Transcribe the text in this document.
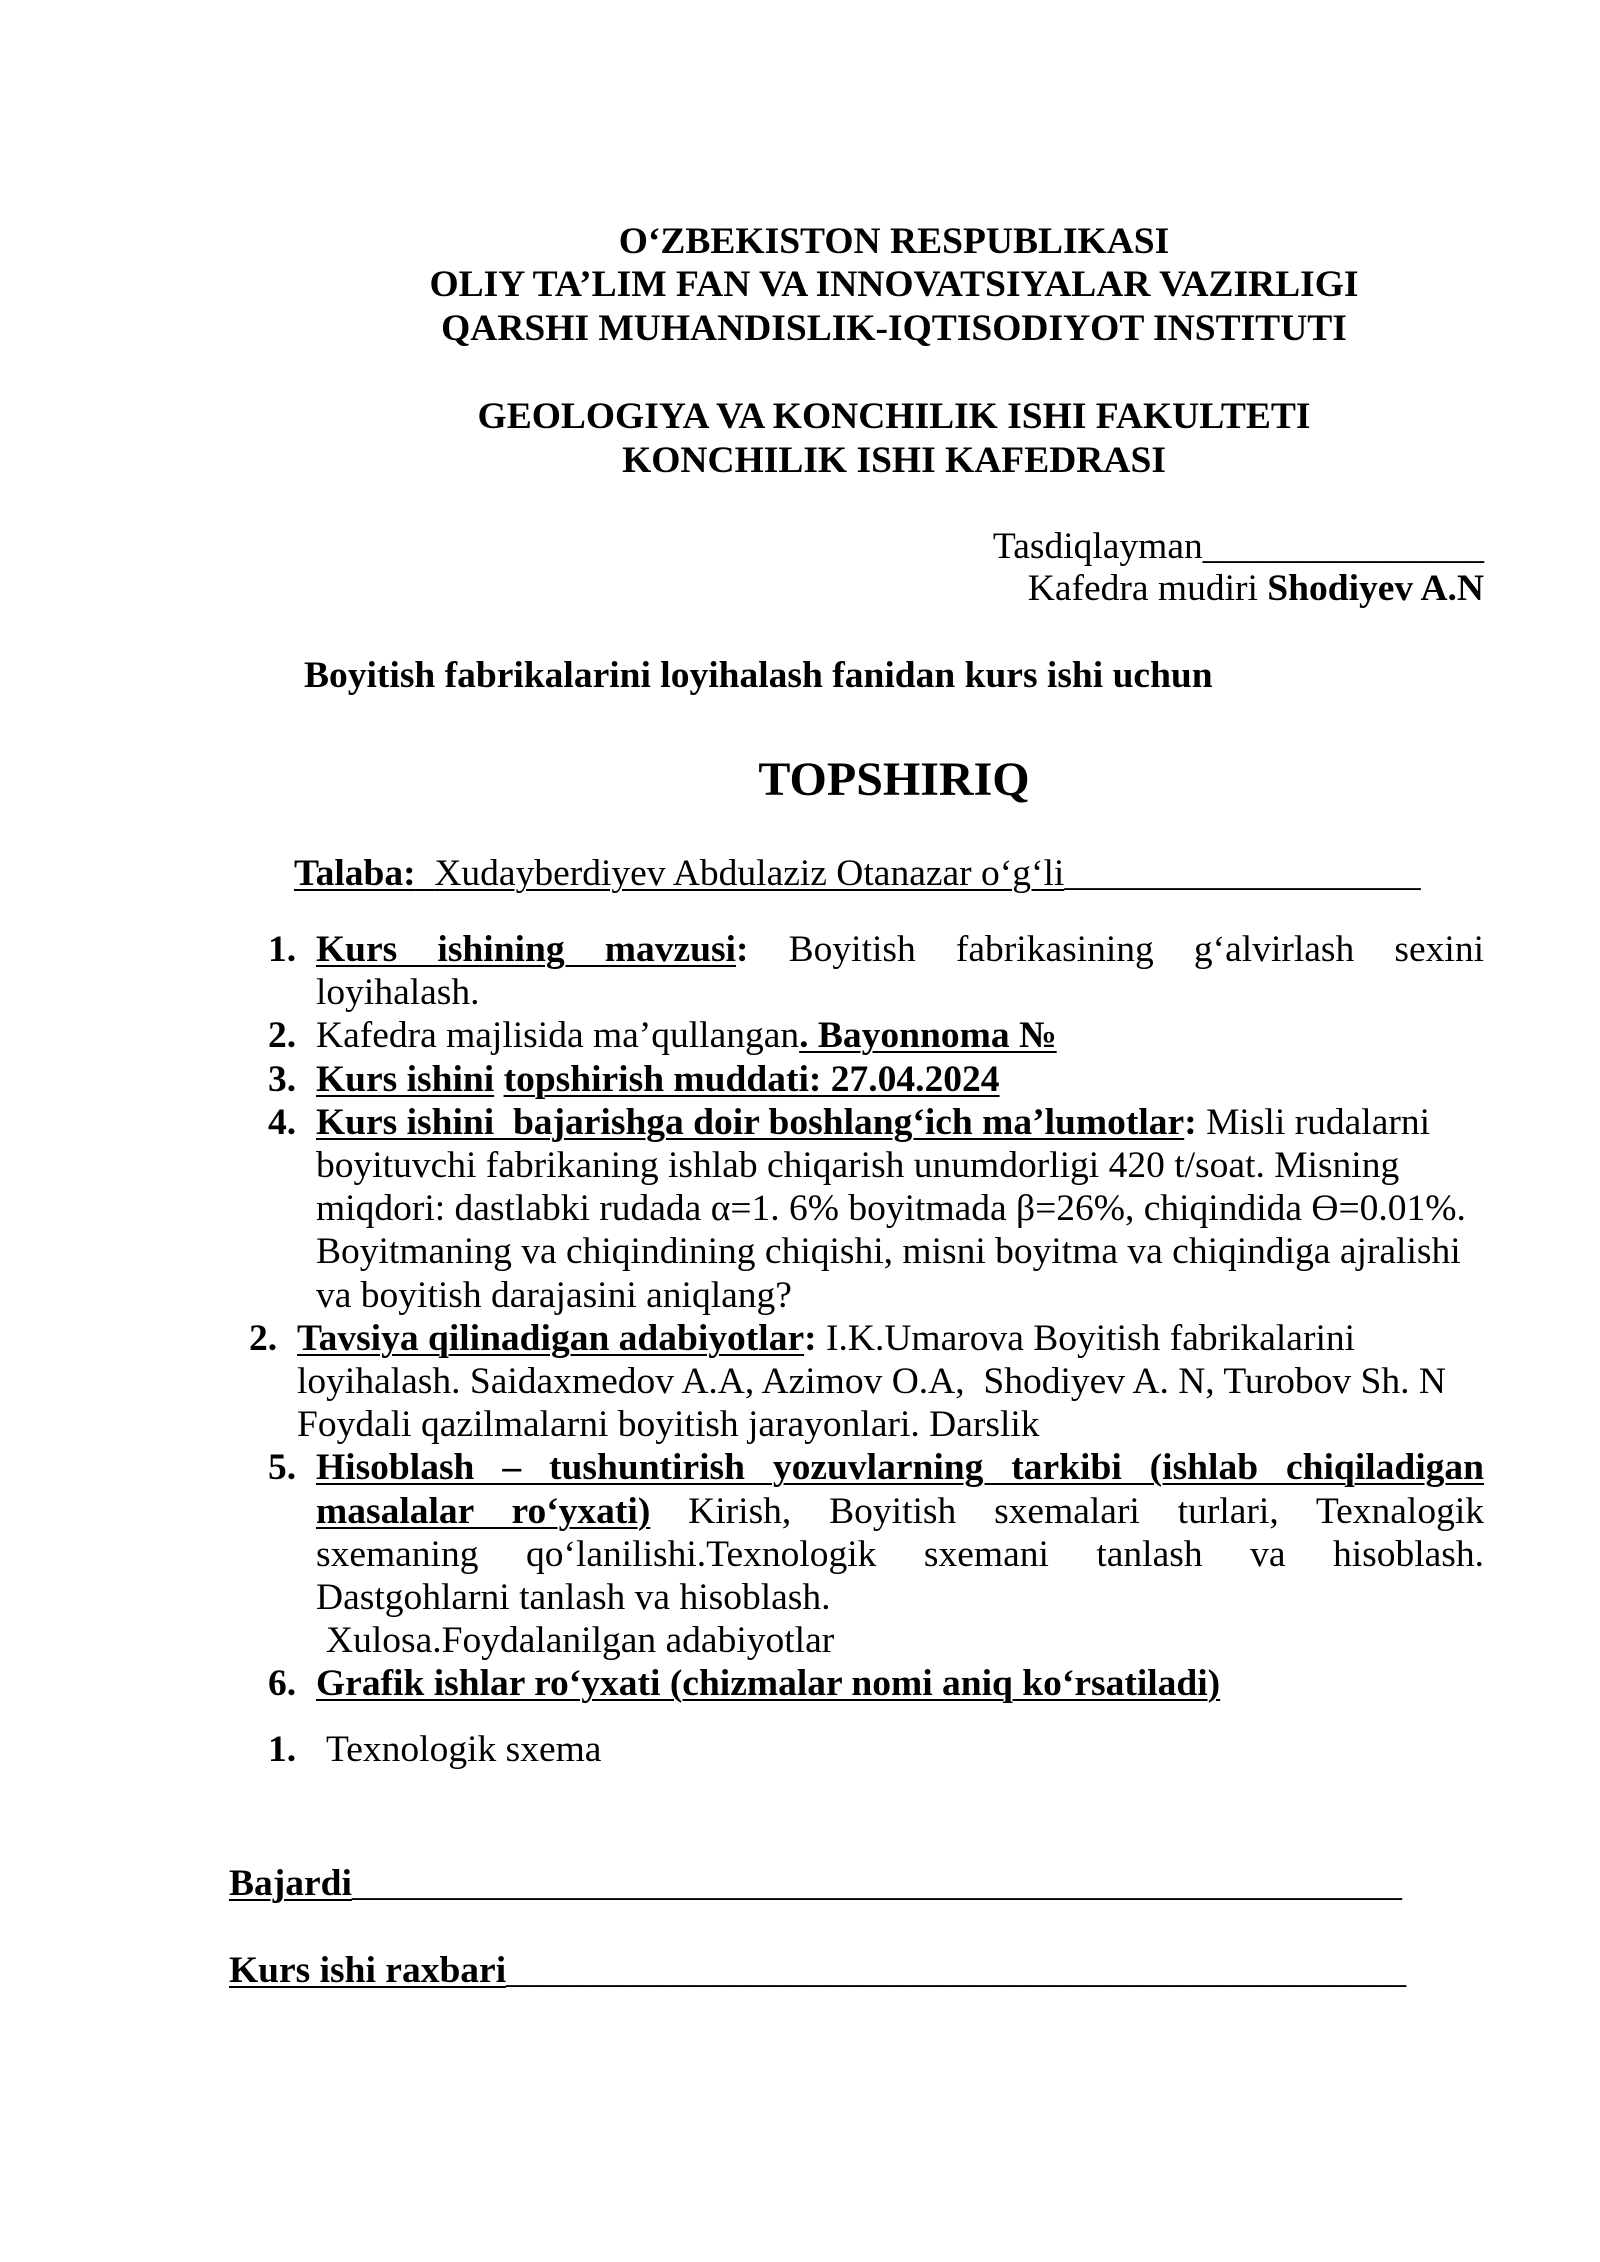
O‘ZBEKISTON RESPUBLIKASI
OLIY TA’LIM FAN VA INNOVATSIYALAR VAZIRLIGI
QARSHI MUHANDISLIK-IQTISODIYOT INSTITUTI
GEOLOGIYA VA KONCHILIK ISHI FAKULTETI
KONCHILIK ISHI KAFEDRASI
Tasdiqlayman_______________
Kafedra mudiri Shodiyev A.N
Boyitish fabrikalarini loyihalash fanidan kurs ishi uchun
TOPSHIRIQ
Talaba: Xudayberdiyev Abdulaziz Otanazar o‘g‘li___________________
1. Kurs ishining mavzusi: Boyitish fabrikasining g‘alvirlash sexini
loyihalash.
2. Kafedra majlisida ma’qullangan. Bayonnoma №
3. Kurs ishini topshirish muddati: 27.04.2024
4. Kurs ishini  bajarishga doir boshlang‘ich ma’lumotlar: Misli rudalarni
boyituvchi fabrikaning ishlab chiqarish unumdorligi 420 t/soat. Misning
miqdori: dastlabki rudada α=1. 6% boyitmada β=26%, chiqindida Ɵ=0.01%.
Boyitmaning va chiqindining chiqishi, misni boyitma va chiqindiga ajralishi
va boyitish darajasini aniqlang?
2. Tavsiya qilinadigan adabiyotlar: I.K.Umarova Boyitish fabrikalarini
loyihalash. Saidaxmedov A.A, Azimov O.A,  Shodiyev A. N, Turobov Sh. N
Foydali qazilmalarni boyitish jarayonlari. Darslik
5. Hisoblash – tushuntirish yozuvlarning tarkibi (ishlab chiqiladigan
masalalar ro‘yxati) Kirish, Boyitish sxemalari turlari, Texnalogik
sxemaning qo‘lanilishi.Texnologik sxemani tanlash va hisoblash.
Dastgohlarni tanlash va hisoblash.
Xulosa.Foydalanilgan adabiyotlar
6. Grafik ishlar ro‘yxati (chizmalar nomi aniq ko‘rsatiladi)
1. Texnologik sxema
Bajardi________________________________________________________
Kurs ishi raxbari________________________________________________
